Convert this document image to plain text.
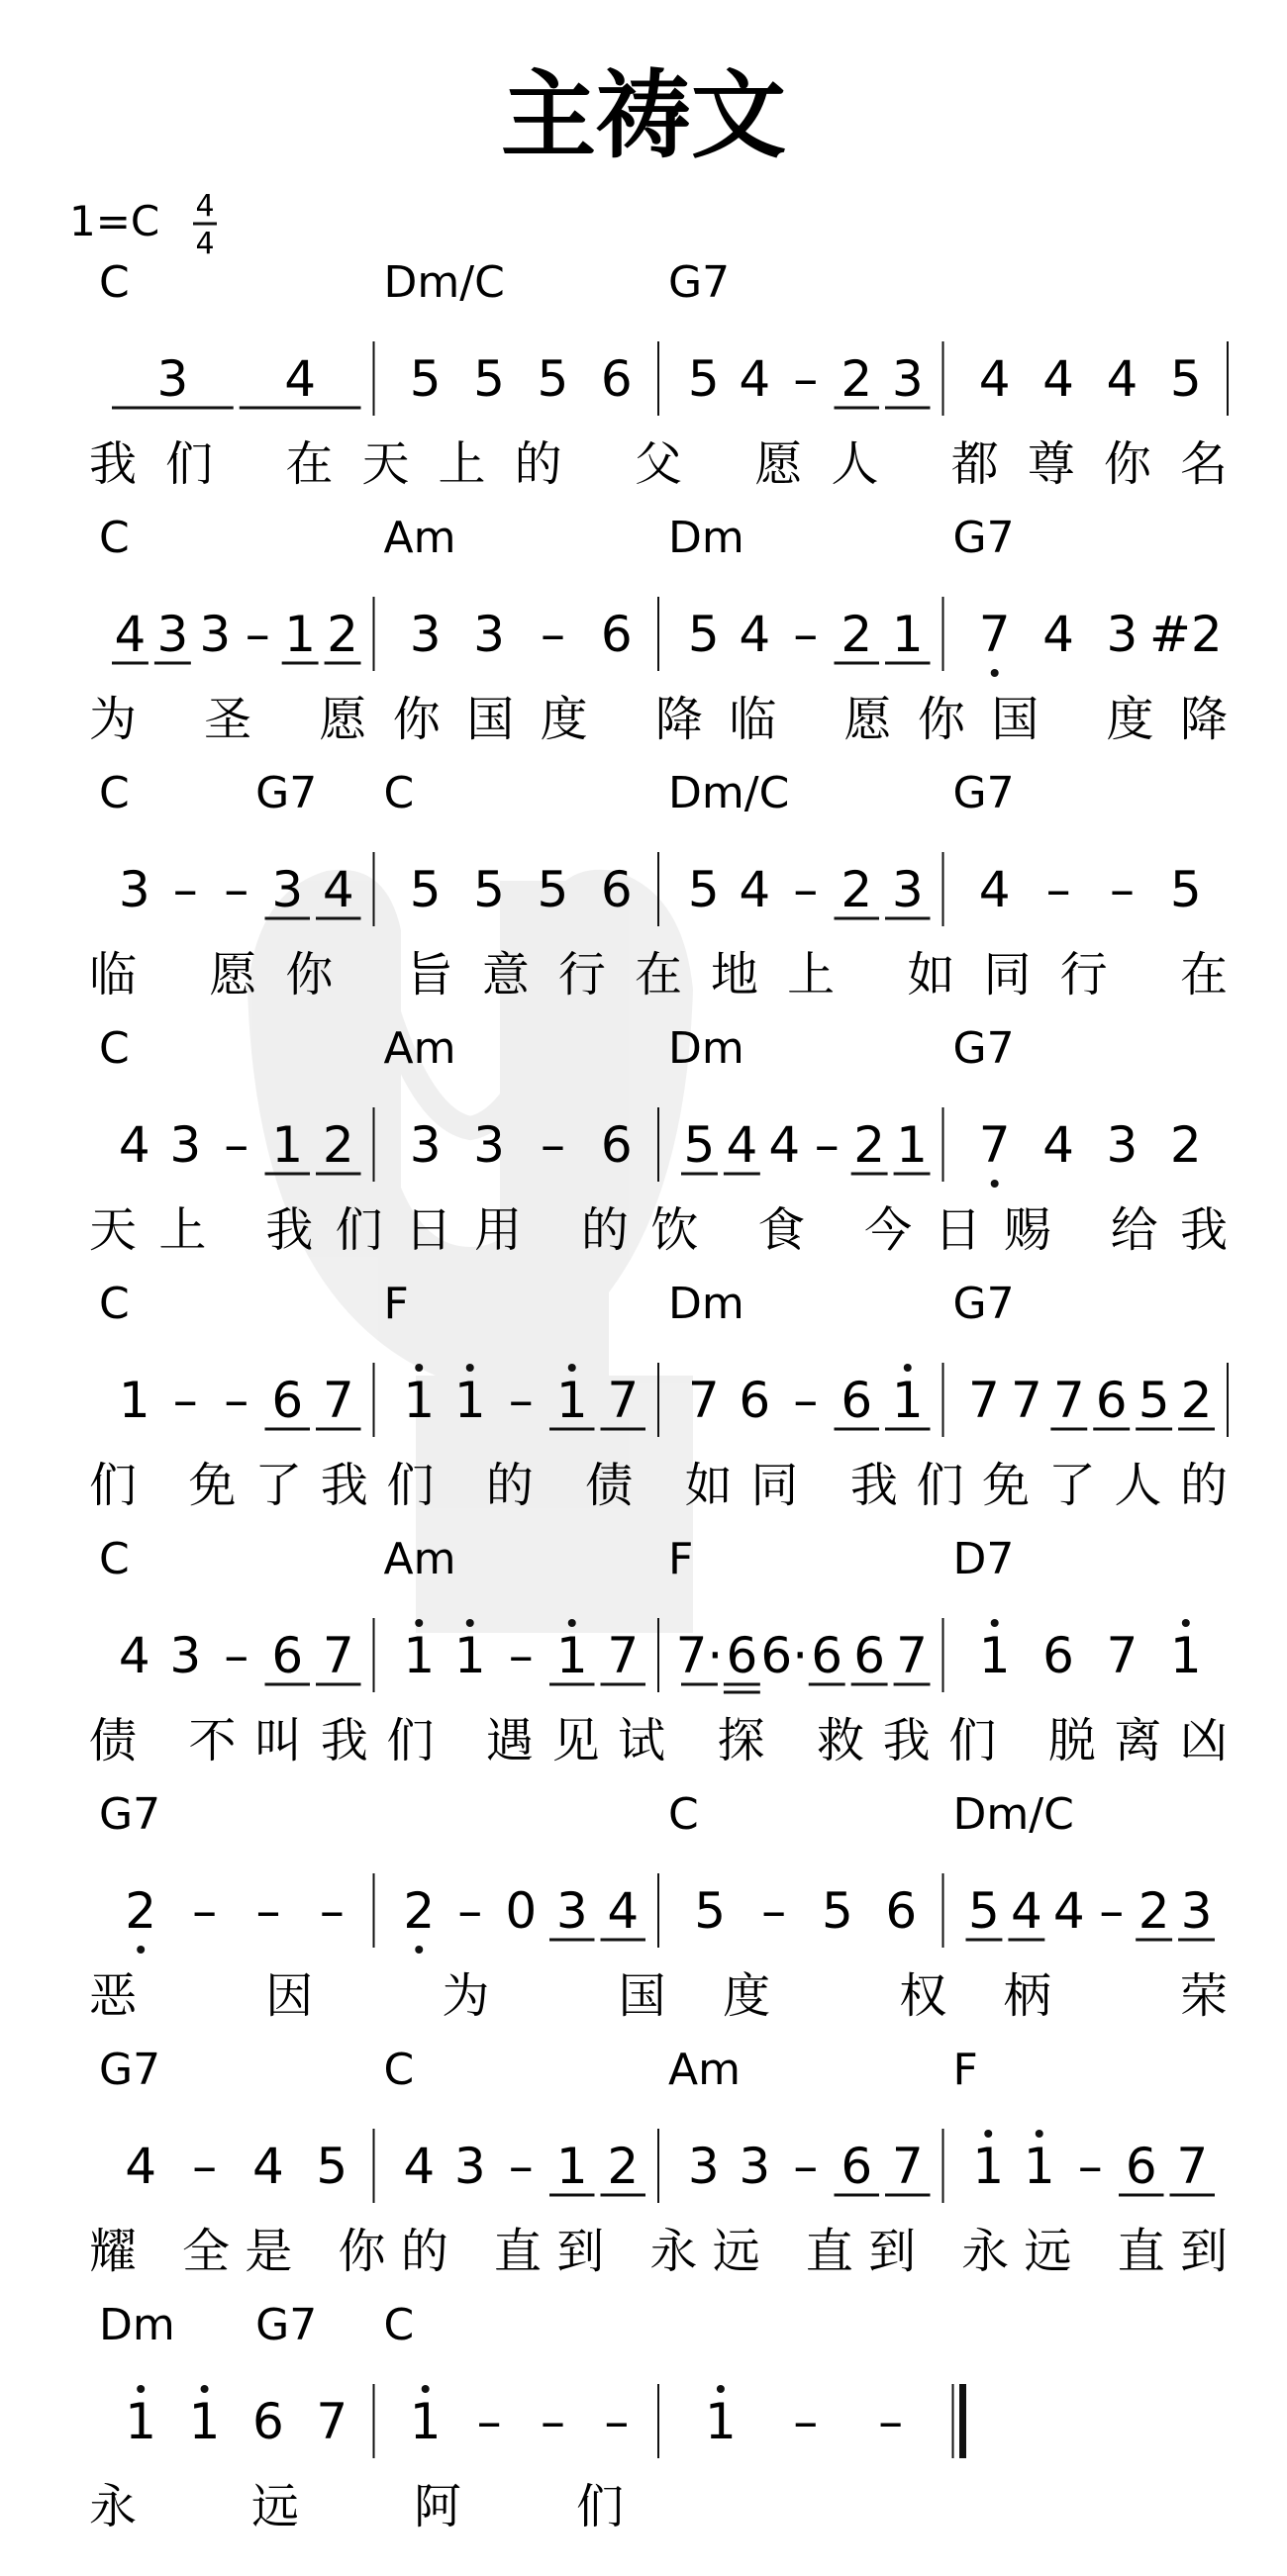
主祷文
1=C 4
4
C	Dm/C	G7
3 4 5 5 5 6 5 4 – 2 3 4 4 4 5
我们 在天上的 父 愿人 都尊你名
C	Am	Dm	G7
4 3 3 – 1 2 3 3 – 6 5 4 – 2 1 7 4 3 #2
为 圣 愿你国度 降临 愿你国 度降
C	G7 C	Dm/C	G7
3 – – 3 4 5 5 5 6 5 4 – 2 3 4 – – 5
临 愿你 旨意行在地上 如同行 在
C	Am	Dm	G7
4 3 – 1 2 3 3 – 6 5 4 4 – 2 1 7 4 3 2
天上 我们日用 的饮 食 今日赐 给我
C	F	Dm	G7
1 – – 6 7 1 1 – 1 7 7 6 – 6 1 7 7 7 6 5 2
们 免了我们 的 债 如同 我们免了人的
C	Am	F	D7
4 3 – 6 7 1 1 – 1 7 7· 6 6· 6 6 7 1 6 7 1
债 不叫我们 遇见试 探 救我们 脱离凶
G7	C	Dm/C
2 – – – 2 – 0 3 4 5 – 5 6 5 4 4 – 2 3
恶 因 为 国度 权柄 荣
G7	C	Am	F
4 – 4 5 4 3 – 1 2 3 3 – 6 7 1 1 – 6 7
耀 全是 你的 直到 永远 直到 永远 直到
Dm G7 C
1 1 6 7 1 – – – 1 – –
永 远 阿 们
